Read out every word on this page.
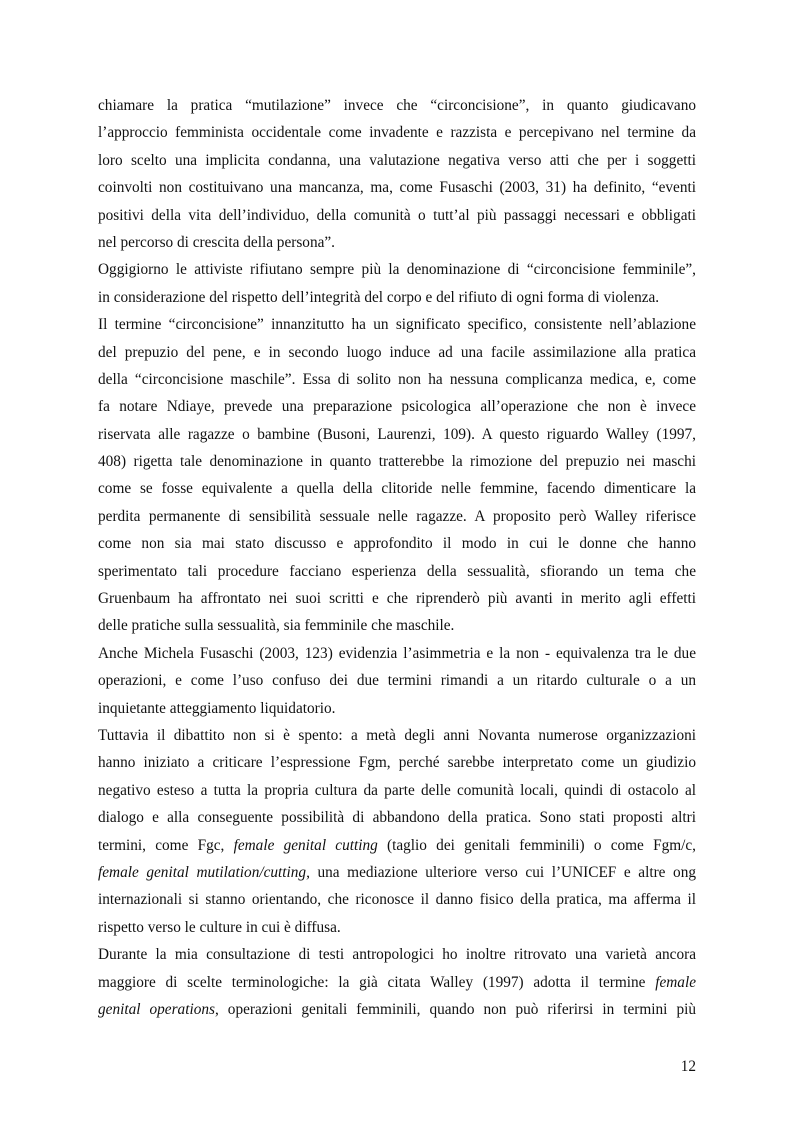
chiamare la pratica “mutilazione” invece che “circoncisione”, in quanto giudicavano
l’approccio femminista occidentale come invadente e razzista e percepivano nel termine da
loro scelto una implicita condanna, una valutazione negativa verso atti che per i soggetti
coinvolti non costituivano una mancanza, ma, come Fusaschi (2003, 31) ha definito, “eventi
positivi della vita dell’individuo, della comunità o tutt’al più passaggi necessari e obbligati
nel percorso di crescita della persona”.
Oggigiorno le attiviste rifiutano sempre più la denominazione di “circoncisione femminile”,
in considerazione del rispetto dell’integrità del corpo e del rifiuto di ogni forma di violenza.
Il termine “circoncisione” innanzitutto ha un significato specifico, consistente nell’ablazione
del prepuzio del pene, e in secondo luogo induce ad una facile assimilazione alla pratica
della “circoncisione maschile”. Essa di solito non ha nessuna complicanza medica, e, come
fa notare Ndiaye, prevede una preparazione psicologica all’operazione che non è invece
riservata alle ragazze o bambine (Busoni, Laurenzi, 109). A questo riguardo Walley (1997,
408) rigetta tale denominazione in quanto tratterebbe la rimozione del prepuzio nei maschi
come se fosse equivalente a quella della clitoride nelle femmine, facendo dimenticare la
perdita permanente di sensibilità sessuale nelle ragazze. A proposito però Walley riferisce
come non sia mai stato discusso e approfondito il modo in cui le donne che hanno
sperimentato tali procedure facciano esperienza della sessualità, sfiorando un tema che
Gruenbaum ha affrontato nei suoi scritti e che riprenderò più avanti in merito agli effetti
delle pratiche sulla sessualità, sia femminile che maschile.
Anche Michela Fusaschi (2003, 123) evidenzia l’asimmetria e la non - equivalenza tra le due
operazioni, e come l’uso confuso dei due termini rimandi a un ritardo culturale o a un
inquietante atteggiamento liquidatorio.
Tuttavia il dibattito non si è spento: a metà degli anni Novanta numerose organizzazioni
hanno iniziato a criticare l’espressione Fgm, perché sarebbe interpretato come un giudizio
negativo esteso a tutta la propria cultura da parte delle comunità locali, quindi di ostacolo al
dialogo e alla conseguente possibilità di abbandono della pratica. Sono stati proposti altri
termini, come Fgc, female genital cutting (taglio dei genitali femminili) o come Fgm/c,
female genital mutilation/cutting, una mediazione ulteriore verso cui l’UNICEF e altre ong
internazionali si stanno orientando, che riconosce il danno fisico della pratica, ma afferma il
rispetto verso le culture in cui è diffusa.
Durante la mia consultazione di testi antropologici ho inoltre ritrovato una varietà ancora
maggiore di scelte terminologiche: la già citata Walley (1997) adotta il termine female
genital operations, operazioni genitali femminili, quando non può riferirsi in termini più
12
